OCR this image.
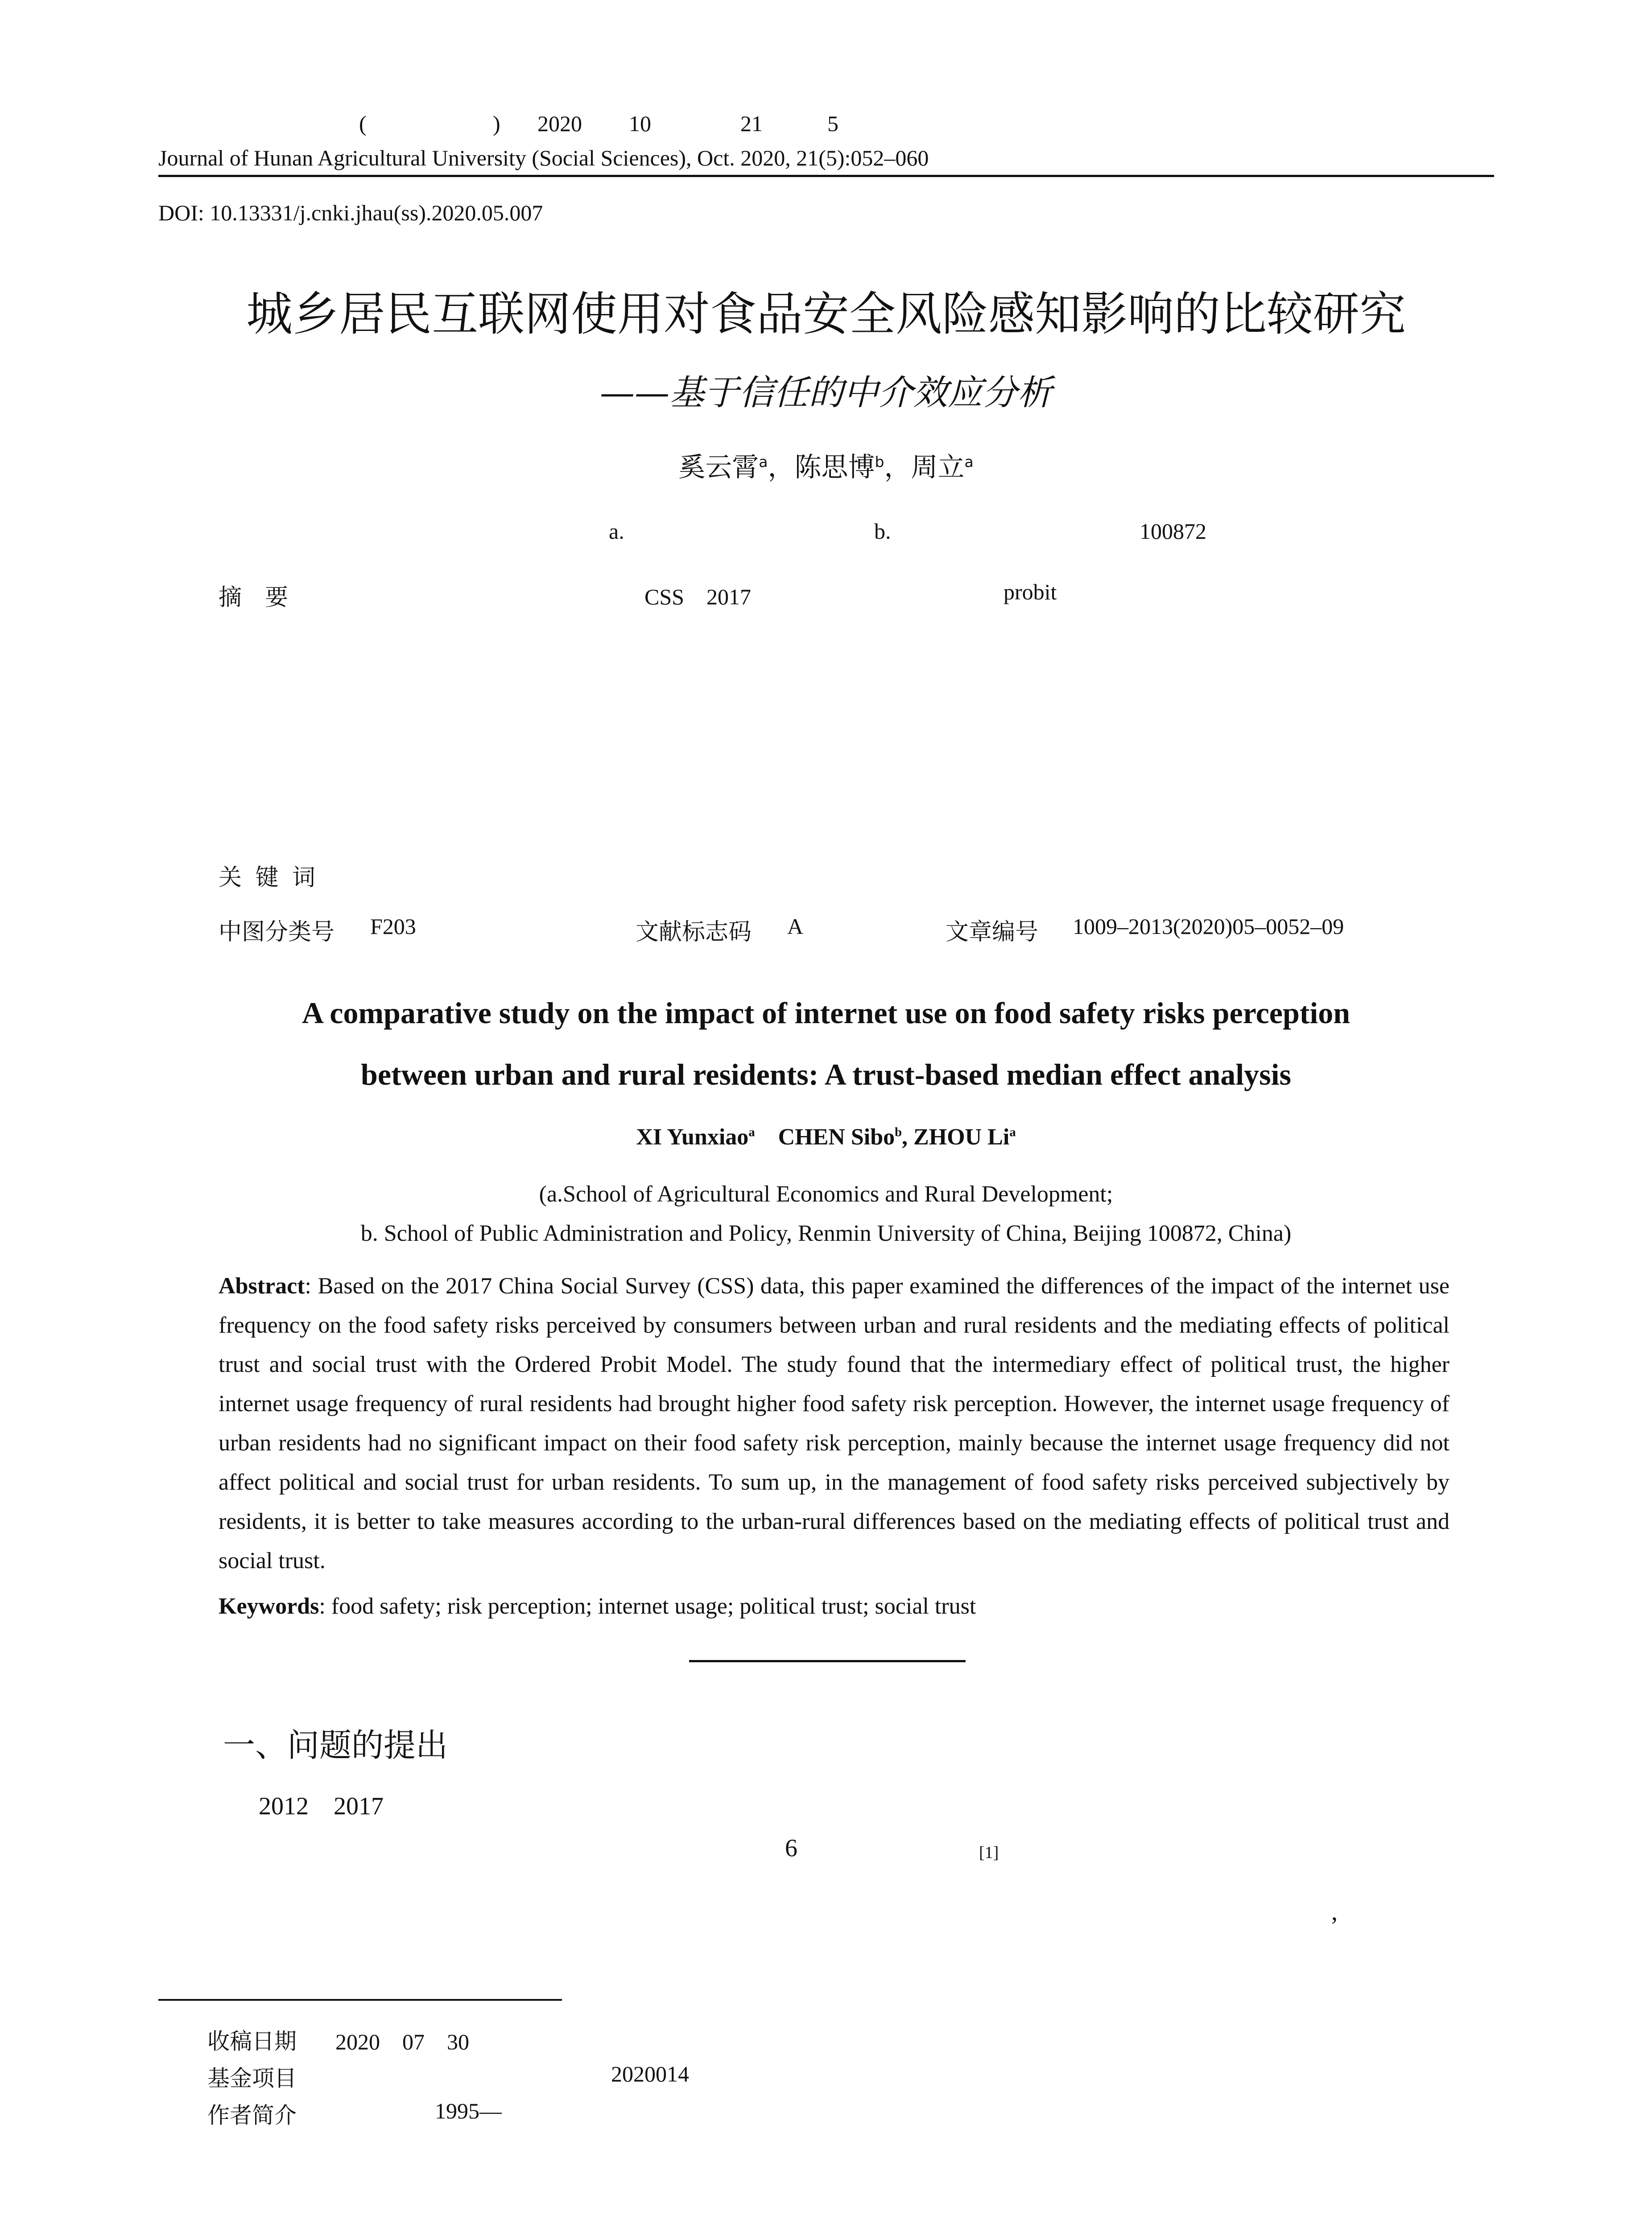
(	) 2020 10	21	5
Journal of Hunan Agricultural University (Social Sciences), Oct. 2020, 21(5):052–060
DOI: 10.13331/j.cnki.jhau(ss).2020.05.007
城乡居民互联网使用对食品安全风险感知影响的比较研究
——基于信任的中介效应分析
奚云霄$^a$，陈思博$^b$，周立$^a$
a.	b.	100872
摘　要	CSS　2017	probit
关 键 词
中图分类号 F203	文献标志码 A	文章编号 1009–2013(2020)05–0052–09
A comparative study on the impact of internet use on food safety risks perception
between urban and rural residents: A trust-based median effect analysis
XI Yunxiao$^a$ CHEN Sibo$^b$, ZHOU Li$^a$
(a.School of Agricultural Economics and Rural Development;
b. School of Public Administration and Policy, Renmin University of China, Beijing 100872, China)
Abstract: Based on the 2017 China Social Survey (CSS) data, this paper examined the differences of the impact of the internet use frequency on the food safety risks perceived by consumers between urban and rural residents and the mediating effects of political trust and social trust with the Ordered Probit Model. The study found that the intermediary effect of political trust, the higher internet usage frequency of rural residents had brought higher food safety risk perception. However, the internet usage frequency of urban residents had no significant impact on their food safety risk perception, mainly because the internet usage frequency did not affect political and social trust for urban residents. To sum up, in the management of food safety risks perceived subjectively by residents, it is better to take measures according to the urban-rural differences based on the mediating effects of political trust and social trust.
Keywords: food safety; risk perception; internet usage; political trust; social trust
一、问题的提出
2012　2017
6	[1]
,
收稿日期 2020　07　30
基金项目	2020014
作者简介	1995—
